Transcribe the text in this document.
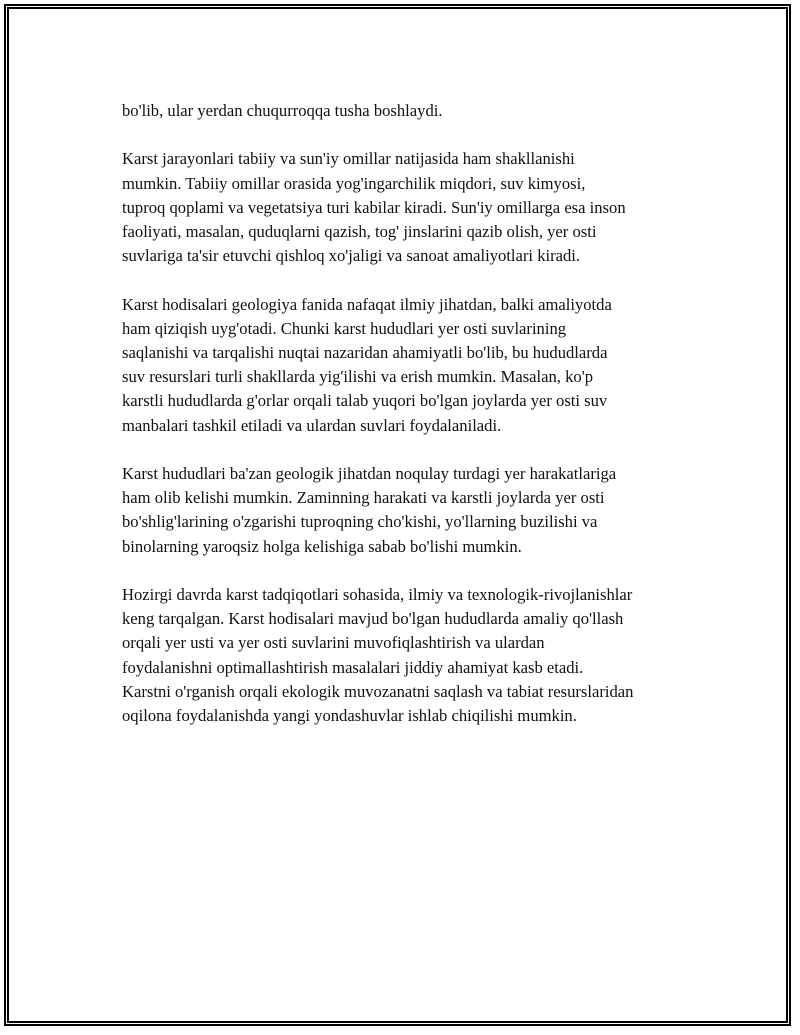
bo'lib, ular yerdan chuqurroqqa tusha boshlaydi.

Karst jarayonlari tabiiy va sun'iy omillar natijasida ham shakllanishi
mumkin. Tabiiy omillar orasida yog'ingarchilik miqdori, suv kimyosi,
tuproq qoplami va vegetatsiya turi kabilar kiradi. Sun'iy omillarga esa inson
faoliyati, masalan, quduqlarni qazish, tog' jinslarini qazib olish, yer osti
suvlariga ta'sir etuvchi qishloq xo'jaligi va sanoat amaliyotlari kiradi.

Karst hodisalari geologiya fanida nafaqat ilmiy jihatdan, balki amaliyotda
ham qiziqish uyg'otadi. Chunki karst hududlari yer osti suvlarining
saqlanishi va tarqalishi nuqtai nazaridan ahamiyatli bo'lib, bu hududlarda
suv resurslari turli shakllarda yig'ilishi va erish mumkin. Masalan, ko'p
karstli hududlarda g'orlar orqali talab yuqori bo'lgan joylarda yer osti suv
manbalari tashkil etiladi va ulardan suvlari foydalaniladi.

Karst hududlari ba'zan geologik jihatdan noqulay turdagi yer harakatlariga
ham olib kelishi mumkin. Zaminning harakati va karstli joylarda yer osti
bo'shlig'larining o'zgarishi tuproqning cho'kishi, yo'llarning buzilishi va
binolarning yaroqsiz holga kelishiga sabab bo'lishi mumkin.

Hozirgi davrda karst tadqiqotlari sohasida, ilmiy va texnologik-rivojlanishlar
keng tarqalgan. Karst hodisalari mavjud bo'lgan hududlarda amaliy qo'llash
orqali yer usti va yer osti suvlarini muvofiqlashtirish va ulardan
foydalanishni optimallashtirish masalalari jiddiy ahamiyat kasb etadi.
Karstni o'rganish orqali ekologik muvozanatni saqlash va tabiat resurslaridan
oqilona foydalanishda yangi yondashuvlar ishlab chiqilishi mumkin.
